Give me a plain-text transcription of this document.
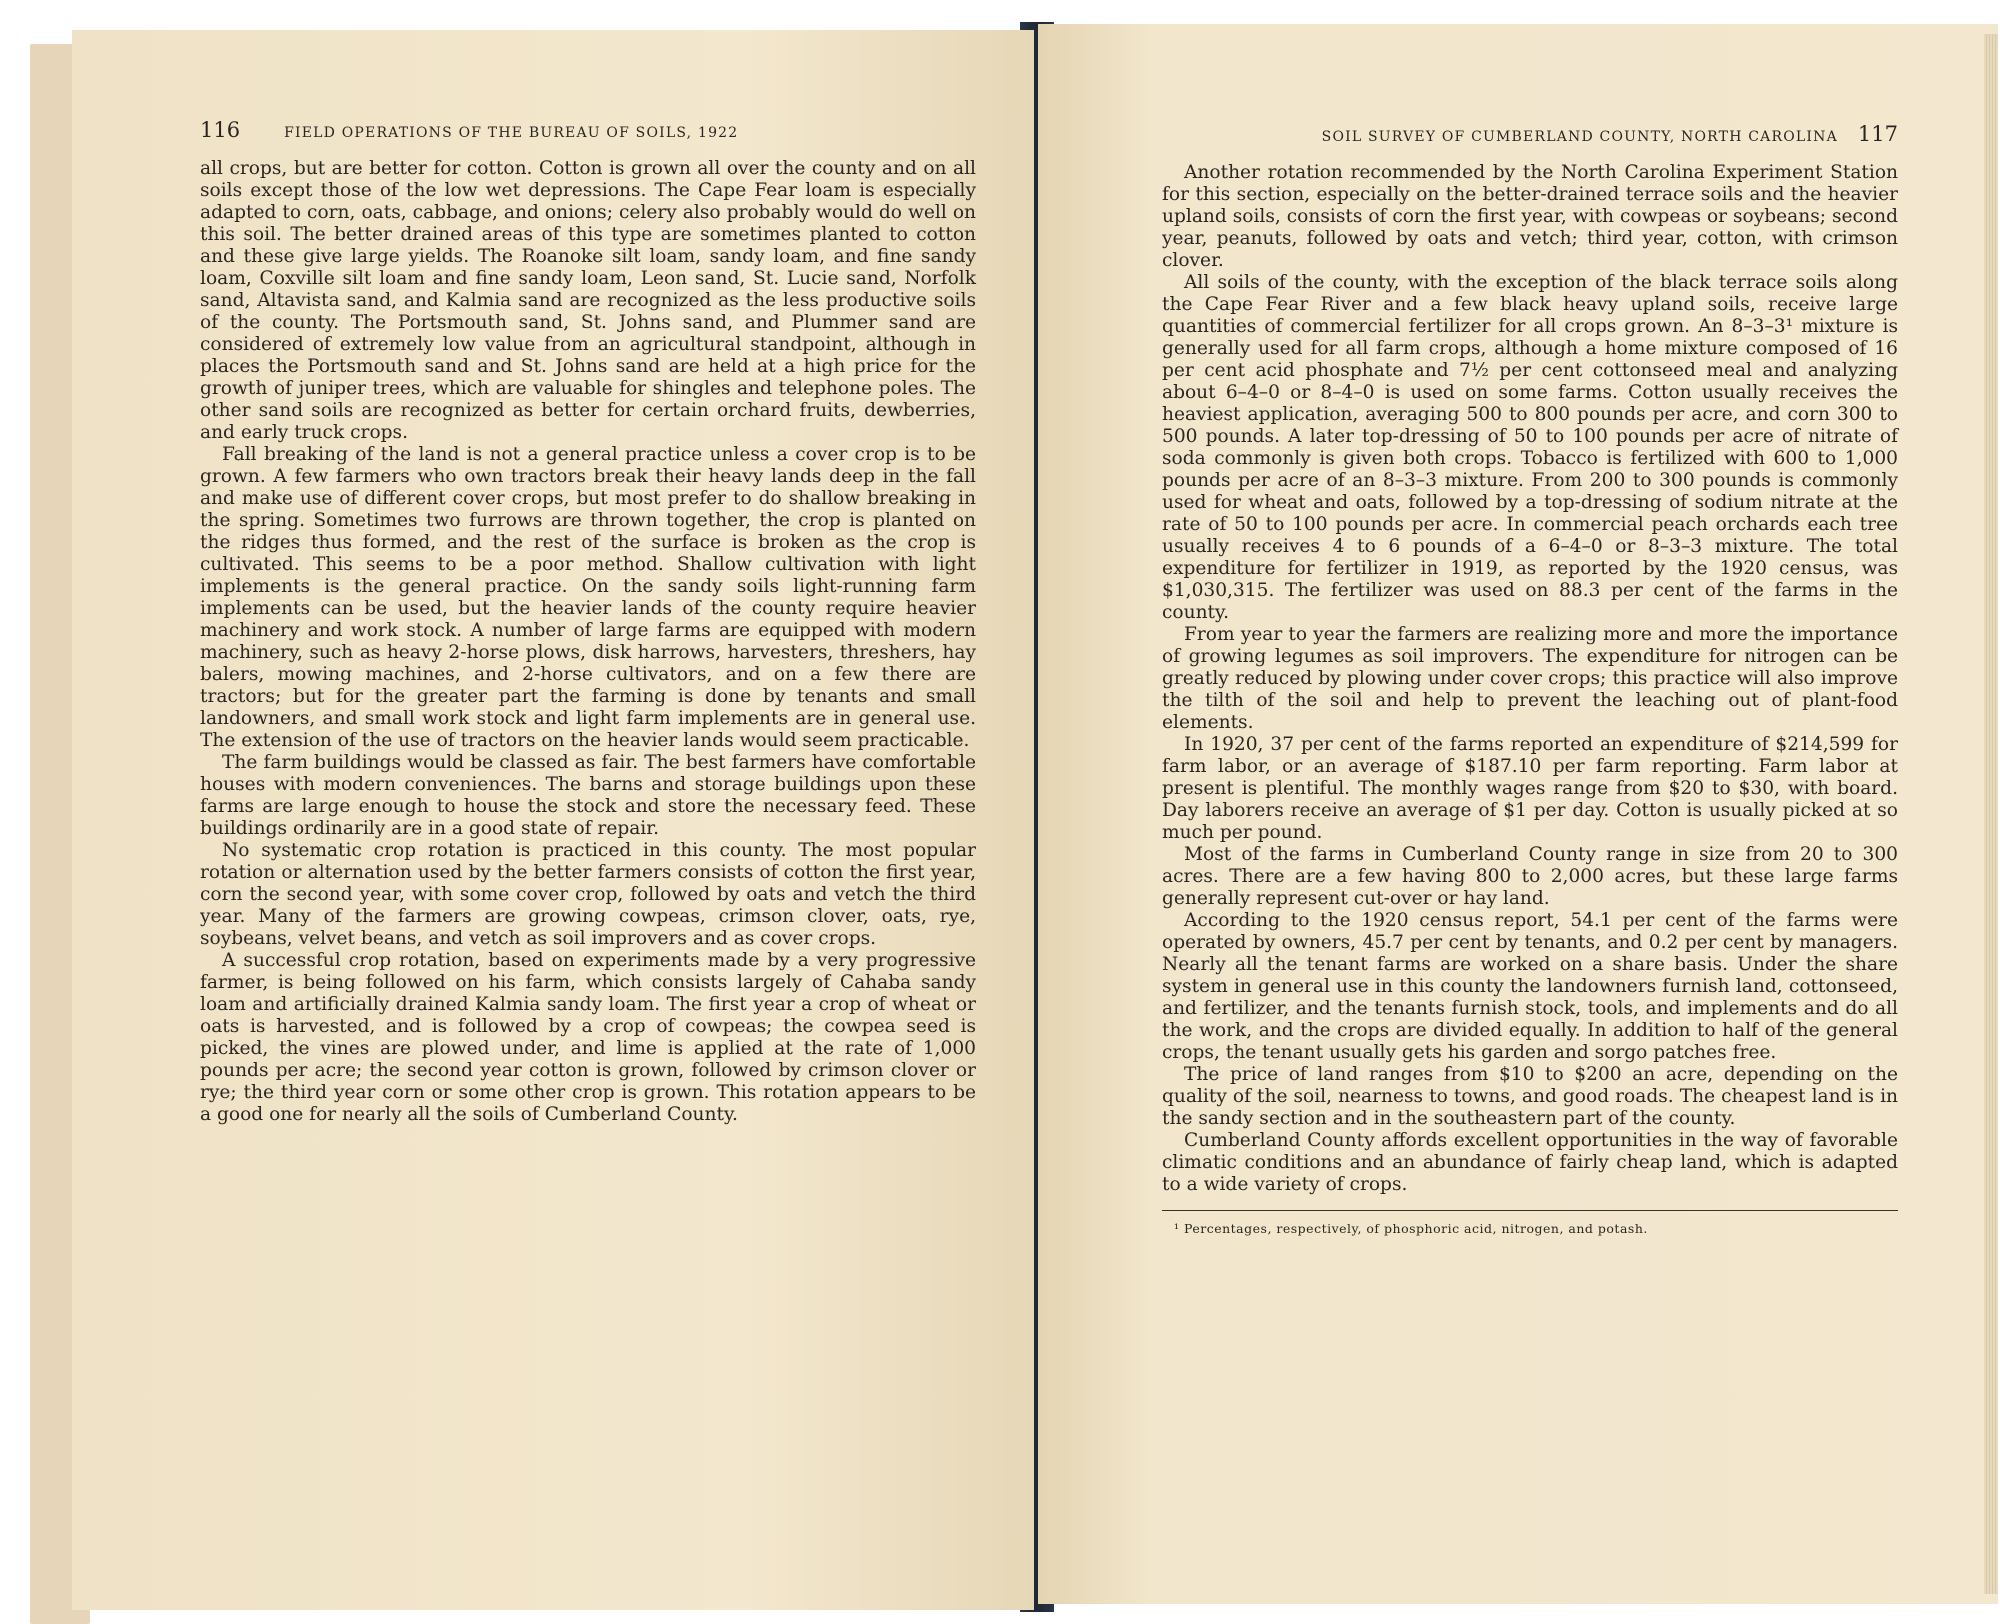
116	FIELD OPERATIONS OF THE BUREAU OF SOILS, 1922

all crops, but are better for cotton. Cotton is grown all over the county and on all soils except those of the low wet depressions. The Cape Fear loam is especially adapted to corn, oats, cabbage, and onions; celery also probably would do well on this soil. The better drained areas of this type are sometimes planted to cotton and these give large yields. The Roanoke silt loam, sandy loam, and fine sandy loam, Coxville silt loam and fine sandy loam, Leon sand, St. Lucie sand, Norfolk sand, Altavista sand, and Kalmia sand are recognized as the less productive soils of the county. The Portsmouth sand, St. Johns sand, and Plummer sand are considered of extremely low value from an agricultural standpoint, although in places the Portsmouth sand and St. Johns sand are held at a high price for the growth of juniper trees, which are valuable for shingles and telephone poles. The other sand soils are recognized as better for certain orchard fruits, dewberries, and early truck crops.

Fall breaking of the land is not a general practice unless a cover crop is to be grown. A few farmers who own tractors break their heavy lands deep in the fall and make use of different cover crops, but most prefer to do shallow breaking in the spring. Sometimes two furrows are thrown together, the crop is planted on the ridges thus formed, and the rest of the surface is broken as the crop is cultivated. This seems to be a poor method. Shallow cultivation with light implements is the general practice. On the sandy soils light-running farm implements can be used, but the heavier lands of the county require heavier machinery and work stock. A number of large farms are equipped with modern machinery, such as heavy 2-horse plows, disk harrows, harvesters, threshers, hay balers, mowing machines, and 2-horse cultivators, and on a few there are tractors; but for the greater part the farming is done by tenants and small landowners, and small work stock and light farm implements are in general use. The extension of the use of tractors on the heavier lands would seem practicable.

The farm buildings would be classed as fair. The best farmers have comfortable houses with modern conveniences. The barns and storage buildings upon these farms are large enough to house the stock and store the necessary feed. These buildings ordinarily are in a good state of repair.

No systematic crop rotation is practiced in this county. The most popular rotation or alternation used by the better farmers consists of cotton the first year, corn the second year, with some cover crop, followed by oats and vetch the third year. Many of the farmers are growing cowpeas, crimson clover, oats, rye, soybeans, velvet beans, and vetch as soil improvers and as cover crops.

A successful crop rotation, based on experiments made by a very progressive farmer, is being followed on his farm, which consists largely of Cahaba sandy loam and artificially drained Kalmia sandy loam. The first year a crop of wheat or oats is harvested, and is followed by a crop of cowpeas; the cowpea seed is picked, the vines are plowed under, and lime is applied at the rate of 1,000 pounds per acre; the second year cotton is grown, followed by crimson clover or rye; the third year corn or some other crop is grown. This rotation appears to be a good one for nearly all the soils of Cumberland County.

SOIL SURVEY OF CUMBERLAND COUNTY, NORTH CAROLINA 117

Another rotation recommended by the North Carolina Experiment Station for this section, especially on the better-drained terrace soils and the heavier upland soils, consists of corn the first year, with cowpeas or soybeans; second year, peanuts, followed by oats and vetch; third year, cotton, with crimson clover.

All soils of the county, with the exception of the black terrace soils along the Cape Fear River and a few black heavy upland soils, receive large quantities of commercial fertilizer for all crops grown. An 8–3–3¹ mixture is generally used for all farm crops, although a home mixture composed of 16 per cent acid phosphate and 7½ per cent cottonseed meal and analyzing about 6–4–0 or 8–4–0 is used on some farms. Cotton usually receives the heaviest application, averaging 500 to 800 pounds per acre, and corn 300 to 500 pounds. A later top-dressing of 50 to 100 pounds per acre of nitrate of soda commonly is given both crops. Tobacco is fertilized with 600 to 1,000 pounds per acre of an 8–3–3 mixture. From 200 to 300 pounds is commonly used for wheat and oats, followed by a top-dressing of sodium nitrate at the rate of 50 to 100 pounds per acre. In commercial peach orchards each tree usually receives 4 to 6 pounds of a 6–4–0 or 8–3–3 mixture. The total expenditure for fertilizer in 1919, as reported by the 1920 census, was $1,030,315. The fertilizer was used on 88.3 per cent of the farms in the county.

From year to year the farmers are realizing more and more the importance of growing legumes as soil improvers. The expenditure for nitrogen can be greatly reduced by plowing under cover crops; this practice will also improve the tilth of the soil and help to prevent the leaching out of plant-food elements.

In 1920, 37 per cent of the farms reported an expenditure of $214,599 for farm labor, or an average of $187.10 per farm reporting. Farm labor at present is plentiful. The monthly wages range from $20 to $30, with board. Day laborers receive an average of $1 per day. Cotton is usually picked at so much per pound.

Most of the farms in Cumberland County range in size from 20 to 300 acres. There are a few having 800 to 2,000 acres, but these large farms generally represent cut-over or hay land.

According to the 1920 census report, 54.1 per cent of the farms were operated by owners, 45.7 per cent by tenants, and 0.2 per cent by managers. Nearly all the tenant farms are worked on a share basis. Under the share system in general use in this county the landowners furnish land, cottonseed, and fertilizer, and the tenants furnish stock, tools, and implements and do all the work, and the crops are divided equally. In addition to half of the general crops, the tenant usually gets his garden and sorgo patches free.

The price of land ranges from $10 to $200 an acre, depending on the quality of the soil, nearness to towns, and good roads. The cheapest land is in the sandy section and in the southeastern part of the county.

Cumberland County affords excellent opportunities in the way of favorable climatic conditions and an abundance of fairly cheap land, which is adapted to a wide variety of crops.

¹ Percentages, respectively, of phosphoric acid, nitrogen, and potash.
